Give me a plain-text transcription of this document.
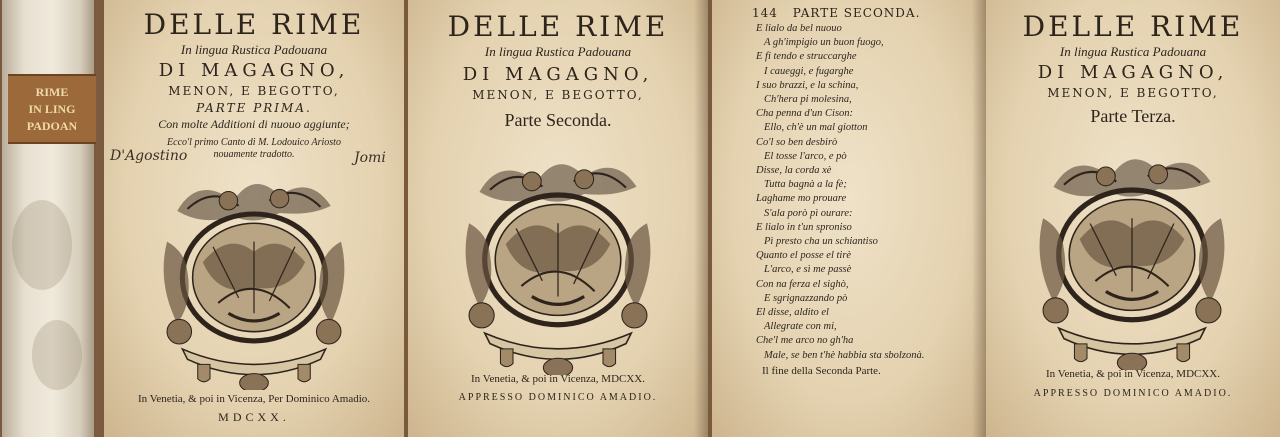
RIME
IN LING
PADOAN
DELLE RIME
In lingua Rustica Padouana
DI MAGAGNO,
MENON, E BEGOTTO,
PARTE PRIMA.
Con molte Additioni di nuouo aggiunte;
Ecco'l primo Canto di M. Lodouico Ariosto
nouamente tradotto.
D'Agostino	Jomi
In Venetia, & poi in Vicenza, Per Dominico Amadio.
MDCXX.
DELLE RIME
In lingua Rustica Padouana
DI MAGAGNO,
MENON, E BEGOTTO,
Parte Seconda.
In Venetia, & poi in Vicenza, MDCXX.
APPRESSO DOMINICO AMADIO.
144 PARTE SECONDA.
E lialo da bel nuouo
A gh'impigio un buon fuogo,
E fi tendo e struccarghe
I caueggi, e fugarghe
I suo brazzi, e la schina,
Ch'hera pi molesina,
Cha penna d'un Cison:
Ello, ch'è un mal giotton
Co'l so ben desbirò
El tosse l'arco, e pò
Disse, la corda xè
Tutta bagnà a la fè;
Laghame mo prouare
S'ala porò pì ourare:
E lialo in t'un sproniso
Pì presto cha un schiantiso
Quanto el posse el tirè
L'arco, e sì me passè
Con na ferza el sighò,
E sgrignazzando pò
El disse, aldito el
Allegrate con mi,
Che'l me arco no gh'ha
Male, se ben t'hè habbia sta sbolzonà.
Il fine della Seconda Parte.
DELLE RIME
In lingua Rustica Padouana
DI MAGAGNO,
MENON, E BEGOTTO,
Parte Terza.
In Venetia, & poi in Vicenza, MDCXX.
APPRESSO DOMINICO AMADIO.
